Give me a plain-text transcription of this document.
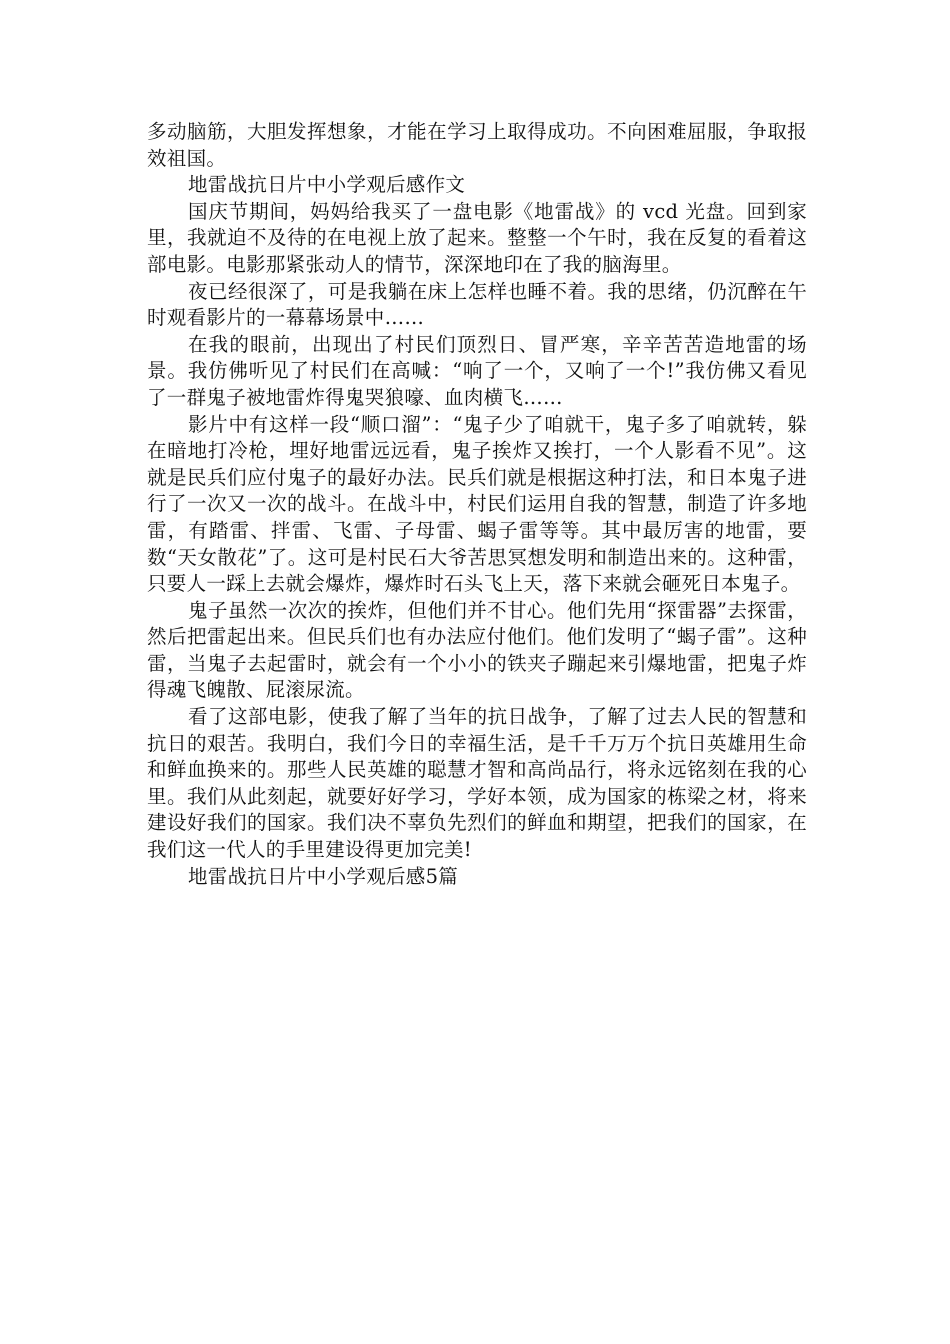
多动脑筋，大胆发挥想象，才能在学习上取得成功。不向困难屈服，争取报效祖国。

地雷战抗日片中小学观后感作文

国庆节期间，妈妈给我买了一盘电影《地雷战》的 vcd 光盘。回到家里，我就迫不及待的在电视上放了起来。整整一个午时，我在反复的看着这部电影。电影那紧张动人的情节，深深地印在了我的脑海里。

夜已经很深了，可是我躺在床上怎样也睡不着。我的思绪，仍沉醉在午时观看影片的一幕幕场景中……

在我的眼前，出现出了村民们顶烈日、冒严寒，辛辛苦苦造地雷的场景。我仿佛听见了村民们在高喊：“响了一个，又响了一个!”我仿佛又看见了一群鬼子被地雷炸得鬼哭狼嚎、血肉横飞……

影片中有这样一段“顺口溜”：“鬼子少了咱就干，鬼子多了咱就转，躲在暗地打冷枪，埋好地雷远远看，鬼子挨炸又挨打，一个人影看不见”。这就是民兵们应付鬼子的最好办法。民兵们就是根据这种打法，和日本鬼子进行了一次又一次的战斗。在战斗中，村民们运用自我的智慧，制造了许多地雷，有踏雷、拌雷、飞雷、子母雷、蝎子雷等等。其中最厉害的地雷，要数“天女散花”了。这可是村民石大爷苦思冥想发明和制造出来的。这种雷，只要人一踩上去就会爆炸，爆炸时石头飞上天，落下来就会砸死日本鬼子。

鬼子虽然一次次的挨炸，但他们并不甘心。他们先用“探雷器”去探雷，然后把雷起出来。但民兵们也有办法应付他们。他们发明了“蝎子雷”。这种雷，当鬼子去起雷时，就会有一个小小的铁夹子蹦起来引爆地雷，把鬼子炸得魂飞魄散、屁滚尿流。

看了这部电影，使我了解了当年的抗日战争，了解了过去人民的智慧和抗日的艰苦。我明白，我们今日的幸福生活，是千千万万个抗日英雄用生命和鲜血换来的。那些人民英雄的聪慧才智和高尚品行，将永远铭刻在我的心里。我们从此刻起，就要好好学习，学好本领，成为国家的栋梁之材，将来建设好我们的国家。我们决不辜负先烈们的鲜血和期望，把我们的国家，在我们这一代人的手里建设得更加完美!

地雷战抗日片中小学观后感5篇
